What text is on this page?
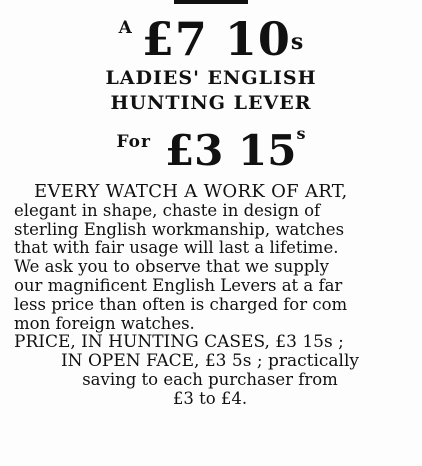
A £7 10s
LADIES' ENGLISH
HUNTING LEVER
For £3 15s
EVERY WATCH A WORK OF ART,
elegant in shape, chaste in design of
sterling English workmanship, watches
that with fair usage will last a lifetime.
We ask you to observe that we supply
our magnificent English Levers at a far
less price than often is charged for com
mon foreign watches.
PRICE, IN HUNTING CASES, £3 15s ;
IN OPEN FACE, £3 5s ; practically
saving to each purchaser from
£3 to £4.
